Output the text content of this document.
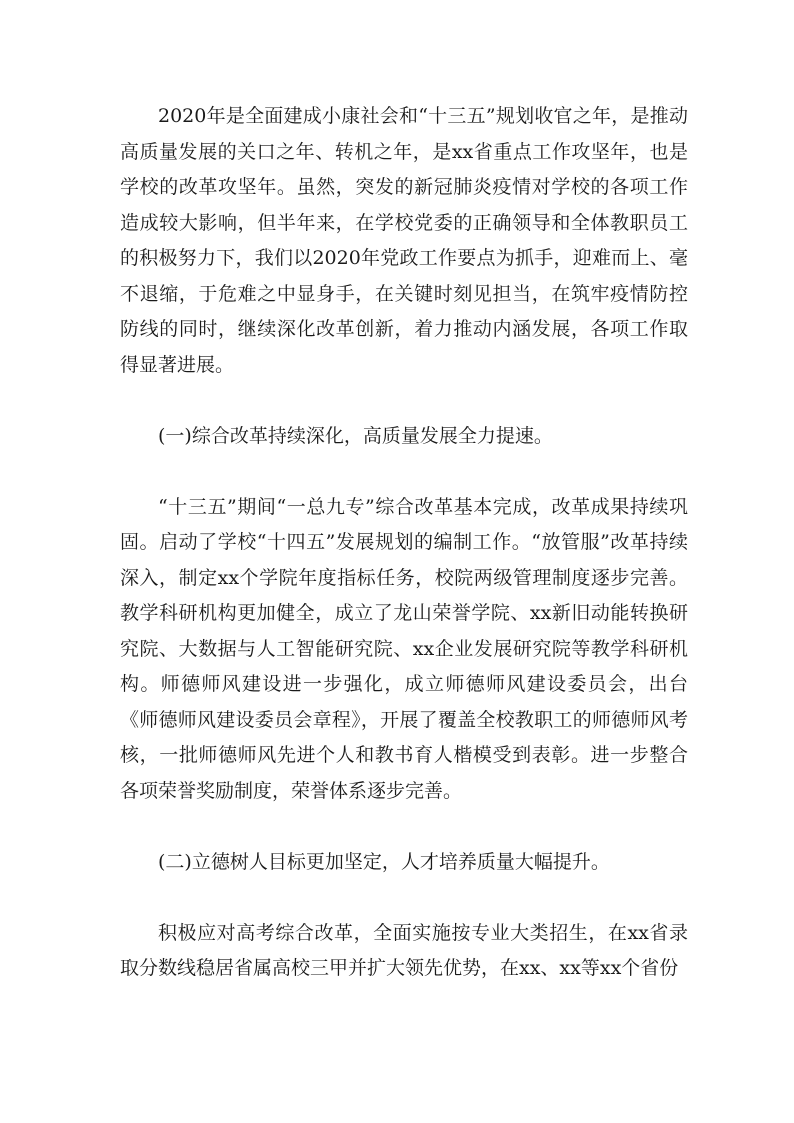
2020年是全面建成小康社会和“十三五”规划收官之年，是推动高质量发展的关口之年、转机之年，是xx省重点工作攻坚年，也是学校的改革攻坚年。虽然，突发的新冠肺炎疫情对学校的各项工作造成较大影响，但半年来，在学校党委的正确领导和全体教职员工的积极努力下，我们以2020年党政工作要点为抓手，迎难而上、毫不退缩，于危难之中显身手，在关键时刻见担当，在筑牢疫情防控防线的同时，继续深化改革创新，着力推动内涵发展，各项工作取得显著进展。

(一)综合改革持续深化，高质量发展全力提速。

“十三五”期间“一总九专”综合改革基本完成，改革成果持续巩固。启动了学校“十四五”发展规划的编制工作。“放管服”改革持续深入，制定xx个学院年度指标任务，校院两级管理制度逐步完善。教学科研机构更加健全，成立了龙山荣誉学院、xx新旧动能转换研究院、大数据与人工智能研究院、xx企业发展研究院等教学科研机构。师德师风建设进一步强化，成立师德师风建设委员会，出台《师德师风建设委员会章程》，开展了覆盖全校教职工的师德师风考核，一批师德师风先进个人和教书育人楷模受到表彰。进一步整合各项荣誉奖励制度，荣誉体系逐步完善。

(二)立德树人目标更加坚定，人才培养质量大幅提升。

积极应对高考综合改革，全面实施按专业大类招生，在xx省录取分数线稳居省属高校三甲并扩大领先优势，在xx、xx等xx个省份
